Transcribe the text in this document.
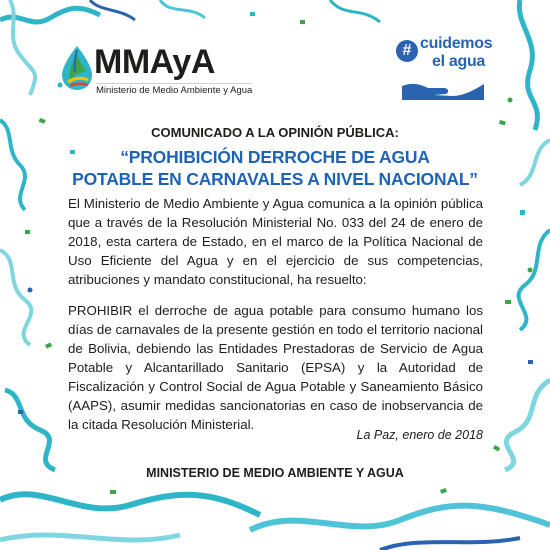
MMAyA
Ministerio de Medio Ambiente y Agua
# cuidemos
el agua
COMUNICADO A LA OPINIÓN PÚBLICA:
“PROHIBICIÓN DERROCHE DE AGUA
POTABLE EN CARNAVALES A NIVEL NACIONAL”
El Ministerio de Medio Ambiente y Agua comunica a la opinión pública que a través de la Resolución Ministerial No. 033 del 24 de enero de 2018, esta cartera de Estado, en el marco de la Política Nacional de Uso Eficiente del Agua y en el ejercicio de sus competencias, atribuciones y mandato constitucional, ha resuelto:
PROHIBIR el derroche de agua potable para consumo humano los días de carnavales de la presente gestión en todo el territorio nacional de Bolivia, debiendo las Entidades Prestadoras de Servicio de Agua Potable y Alcantarillado Sanitario (EPSA) y la Autoridad de Fiscalización y Control Social de Agua Potable y Saneamiento Básico (AAPS), asumir medidas sancionatorias en caso de inobservancia de la citada Resolución Ministerial.
La Paz, enero de 2018
MINISTERIO DE MEDIO AMBIENTE Y AGUA
